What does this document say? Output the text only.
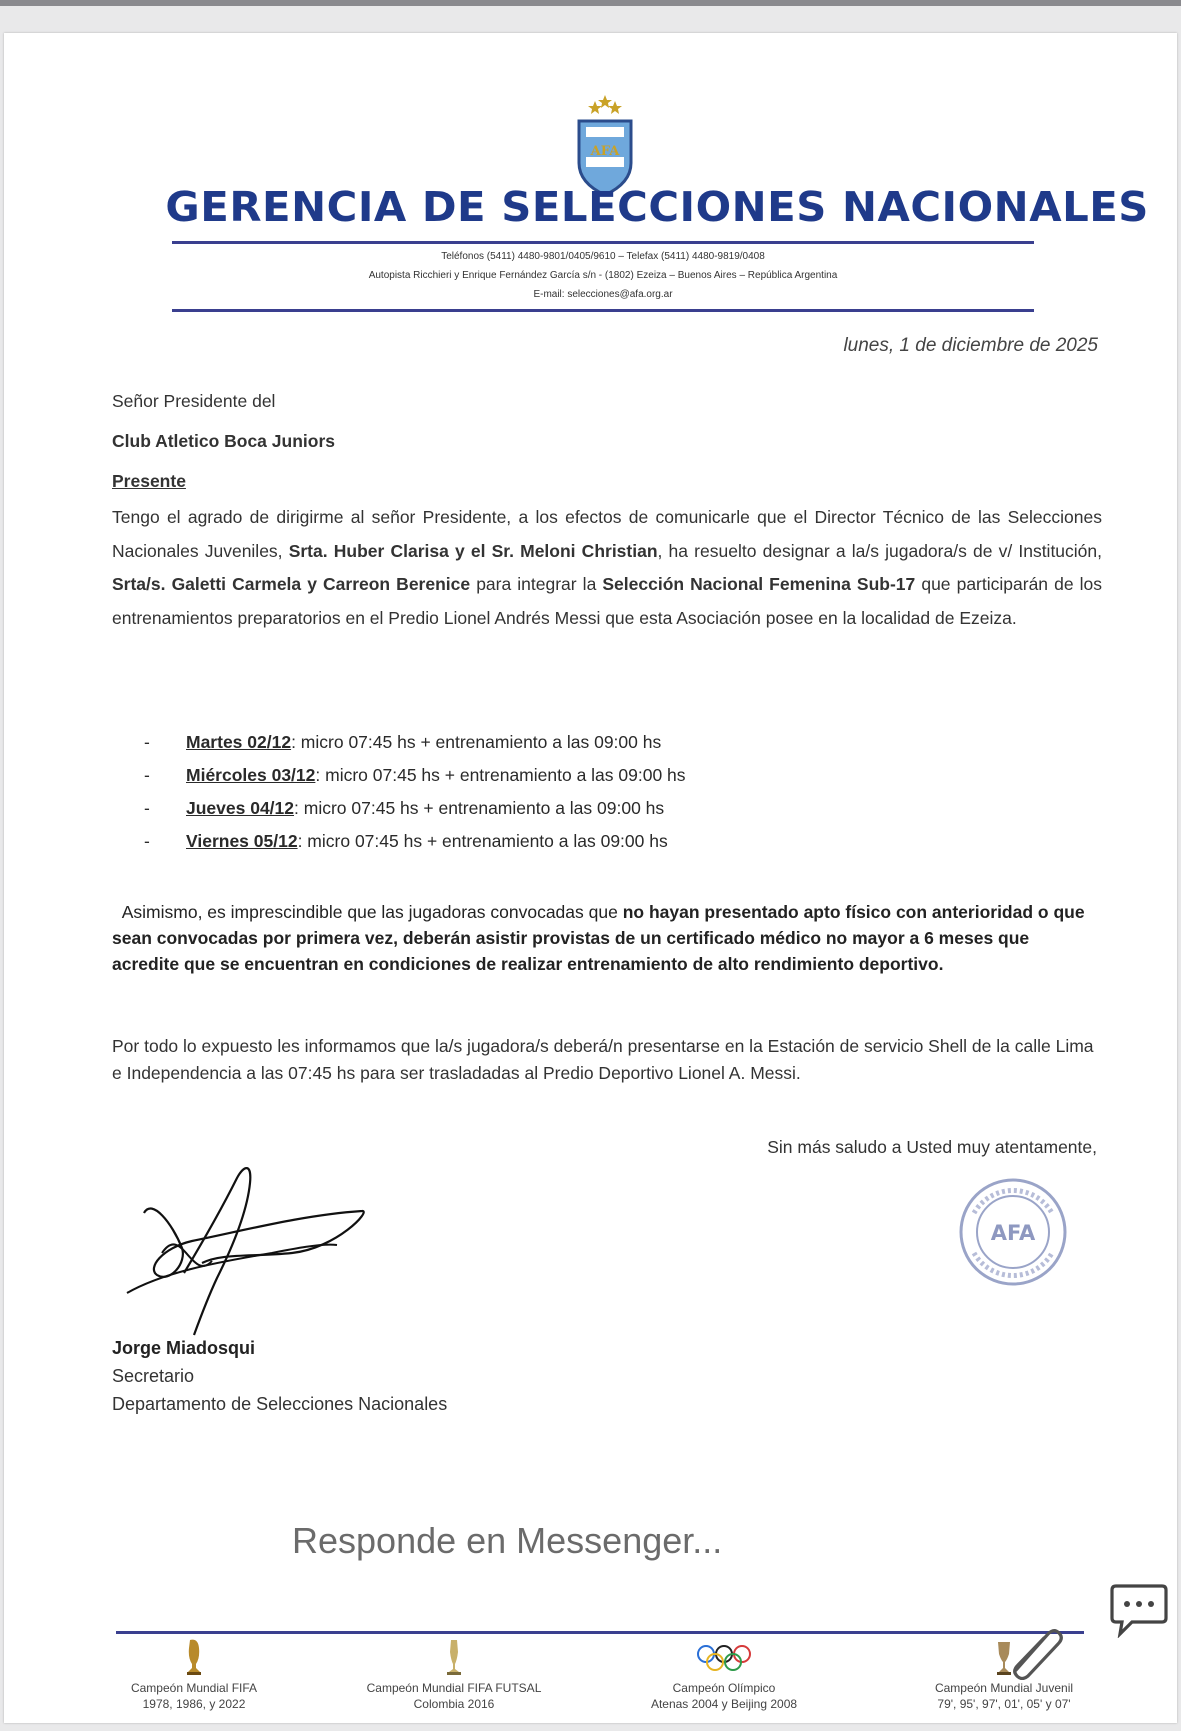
AFA
GERENCIA DE SELECCIONES NACIONALES
Teléfonos (5411) 4480-9801/0405/9610 – Telefax (5411) 4480-9819/0408
Autopista Ricchieri y Enrique Fernández García s/n - (1802) Ezeiza – Buenos Aires – República Argentina
E-mail: selecciones@afa.org.ar
lunes, 1 de diciembre de 2025
Señor Presidente del
Club Atletico Boca Juniors
Presente
Tengo el agrado de dirigirme al señor Presidente, a los efectos de comunicarle que el Director Técnico de las Selecciones Nacionales Juveniles, Srta. Huber Clarisa y el Sr. Meloni Christian, ha resuelto designar a la/s jugadora/s de v/ Institución, Srta/s. Galetti Carmela y Carreon Berenice para integrar la Selección Nacional Femenina Sub-17 que participarán de los entrenamientos preparatorios en el Predio Lionel Andrés Messi que esta Asociación posee en la localidad de Ezeiza.
- Martes 02/12: micro 07:45 hs + entrenamiento a las 09:00 hs
- Miércoles 03/12: micro 07:45 hs + entrenamiento a las 09:00 hs
- Jueves 04/12: micro 07:45 hs + entrenamiento a las 09:00 hs
- Viernes 05/12: micro 07:45 hs + entrenamiento a las 09:00 hs
Asimismo, es imprescindible que las jugadoras convocadas que no hayan presentado apto físico con anterioridad o que sean convocadas por primera vez, deberán asistir provistas de un certificado médico no mayor a 6 meses que acredite que se encuentran en condiciones de realizar entrenamiento de alto rendimiento deportivo.
Por todo lo expuesto les informamos que la/s jugadora/s deberá/n presentarse en la Estación de servicio Shell de la calle Lima e Independencia a las 07:45 hs para ser trasladadas al Predio Deportivo Lionel A. Messi.
Sin más saludo a Usted muy atentamente,
AFA
Jorge Miadosqui
Secretario
Departamento de Selecciones Nacionales
Responde en Messenger...
Campeón Mundial FIFA
1978, 1986, y 2022
Campeón Mundial FIFA FUTSAL
Colombia 2016
Campeón Olímpico
Atenas 2004 y Beijing 2008
Campeón Mundial Juvenil
79', 95', 97', 01', 05' y 07'
